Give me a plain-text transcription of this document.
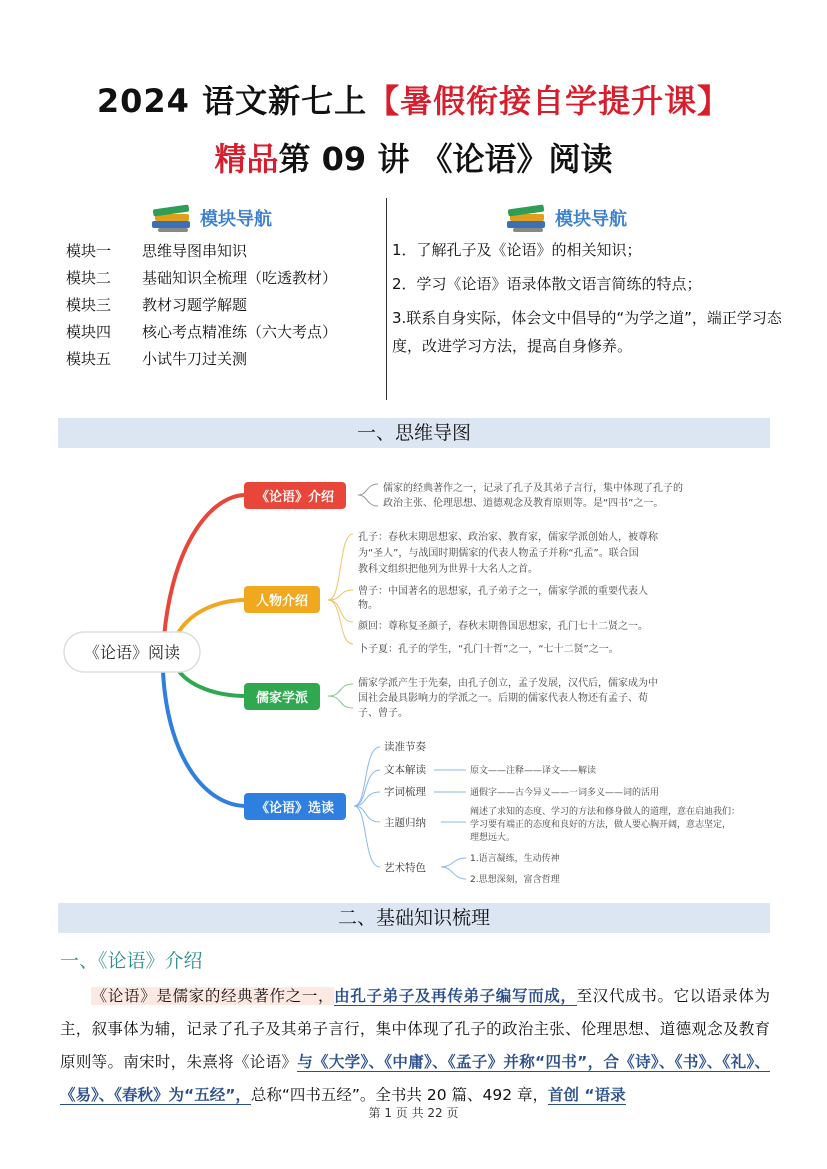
2024 语文新七上【暑假衔接自学提升课】
精品第 09 讲 《论语》阅读
模块导航	模块导航
模块一	思维导图串知识
模块二	基础知识全梳理（吃透教材）
模块三	教材习题学解题
模块四	核心考点精准练（六大考点）
模块五	小试牛刀过关测
1．了解孔子及《论语》的相关知识；
2．学习《论语》语录体散文语言简练的特点；
3.联系自身实际，体会文中倡导的“为学之道”，端正学习态度，改进学习方法，提高自身修养。
一、思维导图
《论语》阅读
《论语》介绍
人物介绍
儒家学派
《论语》选读
儒家的经典著作之一，记录了孔子及其弟子言行，集中体现了孔子的
政治主张、伦理思想、道德观念及教育原则等。是“四书”之一。
孔子：春秋末期思想家、政治家、教育家，儒家学派创始人，被尊称
为“圣人”，与战国时期儒家的代表人物孟子并称“孔孟”。联合国
教科文组织把他列为世界十大名人之首。
曾子：中国著名的思想家，孔子弟子之一，儒家学派的重要代表人
物。
颜回：尊称复圣颜子，春秋末期鲁国思想家，孔门七十二贤之一。
卜子夏：孔子的学生，“孔门十哲”之一，“七十二贤”之一。
儒家学派产生于先秦，由孔子创立，孟子发展，汉代后，儒家成为中
国社会最具影响力的学派之一。后期的儒家代表人物还有孟子、荀
子、曾子。
读准节奏
文本解读
字词梳理
主题归纳
艺术特色
原文——注释——译文——解读
通假字——古今异义——一词多义——词的活用
阐述了求知的态度、学习的方法和修身做人的道理，意在启迪我们：
学习要有端正的态度和良好的方法，做人要心胸开阔，意志坚定，
理想远大。
1.语言凝练，生动传神
2.思想深刻，富含哲理
二、基础知识梳理
一、《论语》介绍
《论语》是儒家的经典著作之一，由孔子弟子及再传弟子编写而成，至汉代成书。它以语录体为主，叙事体为辅，记录了孔子及其弟子言行，集中体现了孔子的政治主张、伦理思想、道德观念及教育原则等。南宋时，朱熹将《论语》与《大学》、《中庸》、《孟子》并称“四书”，合《诗》、《书》、《礼》、《易》、《春秋》为“五经”，总称“四书五经”。全书共 20 篇、492 章，首创 “语录
第 1 页 共 22 页
